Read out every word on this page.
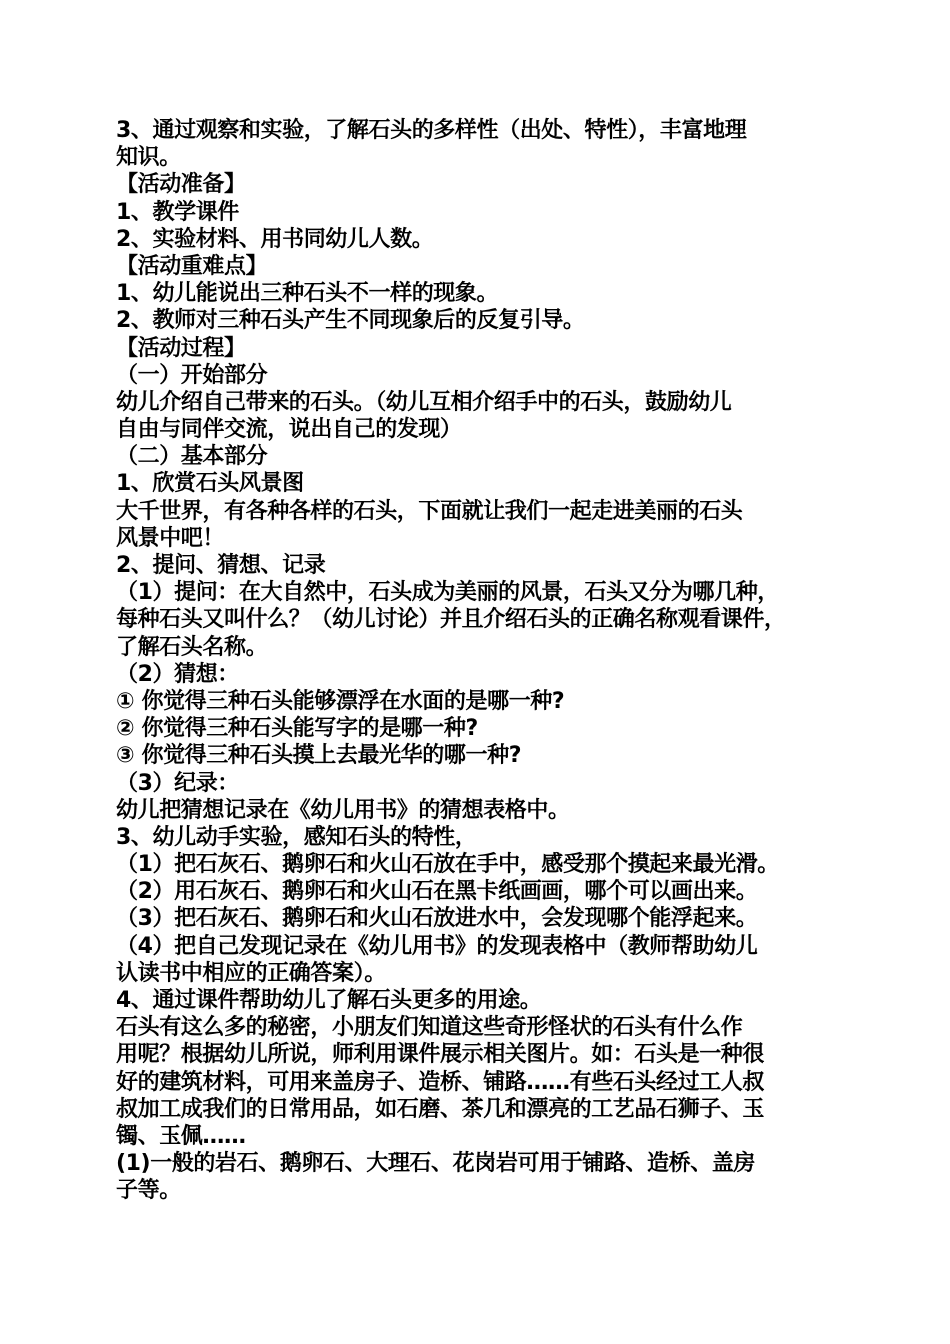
3、通过观察和实验，了解石头的多样性（出处、特性），丰富地理
知识。
【活动准备】
1、教学课件
2、实验材料、用书同幼儿人数。
【活动重难点】
1、幼儿能说出三种石头不一样的现象。
2、教师对三种石头产生不同现象后的反复引导。
【活动过程】
（一）开始部分
幼儿介绍自己带来的石头。（幼儿互相介绍手中的石头，鼓励幼儿
自由与同伴交流，说出自己的发现）
（二）基本部分
1、欣赏石头风景图
大千世界，有各种各样的石头，下面就让我们一起走进美丽的石头
风景中吧！
2、提问、猜想、记录
（1）提问：在大自然中，石头成为美丽的风景，石头又分为哪几种，
每种石头又叫什么？（幼儿讨论）并且介绍石头的正确名称观看课件，
了解石头名称。
（2）猜想：
① 你觉得三种石头能够漂浮在水面的是哪一种?
② 你觉得三种石头能写字的是哪一种?
③ 你觉得三种石头摸上去最光华的哪一种?
（3）纪录：
幼儿把猜想记录在《幼儿用书》的猜想表格中。
3、幼儿动手实验，感知石头的特性，
（1）把石灰石、鹅卵石和火山石放在手中，感受那个摸起来最光滑。
（2）用石灰石、鹅卵石和火山石在黑卡纸画画，哪个可以画出来。
（3）把石灰石、鹅卵石和火山石放进水中，会发现哪个能浮起来。
（4）把自己发现记录在《幼儿用书》的发现表格中（教师帮助幼儿
认读书中相应的正确答案）。
4、通过课件帮助幼儿了解石头更多的用途。
石头有这么多的秘密，小朋友们知道这些奇形怪状的石头有什么作
用呢？根据幼儿所说，师利用课件展示相关图片。如：石头是一种很
好的建筑材料，可用来盖房子、造桥、铺路……有些石头经过工人叔
叔加工成我们的日常用品，如石磨、茶几和漂亮的工艺品石狮子、玉
镯、玉佩……
(1)一般的岩石、鹅卵石、大理石、花岗岩可用于铺路、造桥、盖房
子等。
